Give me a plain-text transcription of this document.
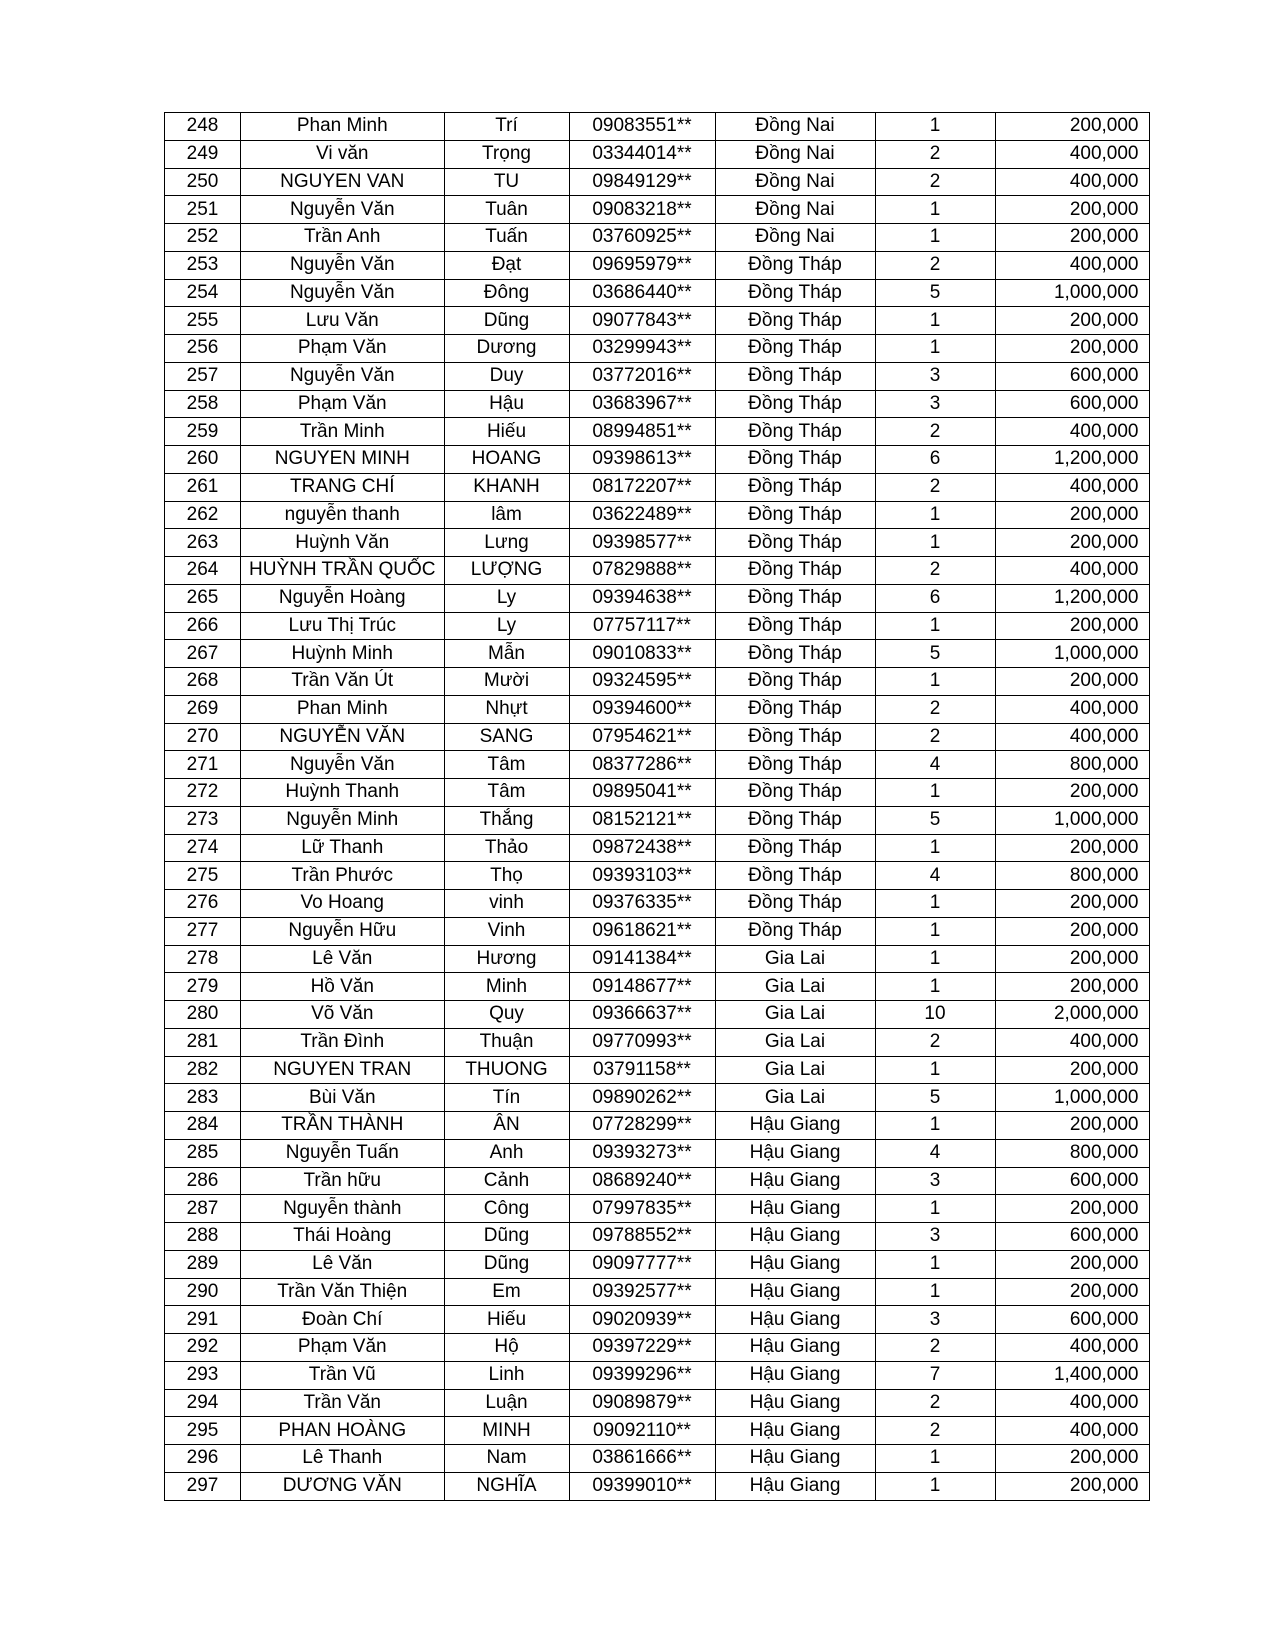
248	Phan Minh	Trí	09083551**	Đồng Nai	1	200,000
249	Vi văn	Trọng	03344014**	Đồng Nai	2	400,000
250	NGUYEN VAN	TU	09849129**	Đồng Nai	2	400,000
251	Nguyễn Văn	Tuân	09083218**	Đồng Nai	1	200,000
252	Trần Anh	Tuấn	03760925**	Đồng Nai	1	200,000
253	Nguyễn Văn	Đạt	09695979**	Đồng Tháp	2	400,000
254	Nguyễn Văn	Đông	03686440**	Đồng Tháp	5	1,000,000
255	Lưu Văn	Dũng	09077843**	Đồng Tháp	1	200,000
256	Phạm Văn	Dương	03299943**	Đồng Tháp	1	200,000
257	Nguyễn Văn	Duy	03772016**	Đồng Tháp	3	600,000
258	Phạm Văn	Hậu	03683967**	Đồng Tháp	3	600,000
259	Trần Minh	Hiếu	08994851**	Đồng Tháp	2	400,000
260	NGUYEN MINH	HOANG	09398613**	Đồng Tháp	6	1,200,000
261	TRANG CHÍ	KHANH	08172207**	Đồng Tháp	2	400,000
262	nguyễn thanh	lâm	03622489**	Đồng Tháp	1	200,000
263	Huỳnh Văn	Lưng	09398577**	Đồng Tháp	1	200,000
264	HUỲNH TRẦN QUỐC	LƯỢNG	07829888**	Đồng Tháp	2	400,000
265	Nguyễn Hoàng	Ly	09394638**	Đồng Tháp	6	1,200,000
266	Lưu Thị Trúc	Ly	07757117**	Đồng Tháp	1	200,000
267	Huỳnh Minh	Mẫn	09010833**	Đồng Tháp	5	1,000,000
268	Trần Văn Út	Mười	09324595**	Đồng Tháp	1	200,000
269	Phan Minh	Nhựt	09394600**	Đồng Tháp	2	400,000
270	NGUYỄN VĂN	SANG	07954621**	Đồng Tháp	2	400,000
271	Nguyễn Văn	Tâm	08377286**	Đồng Tháp	4	800,000
272	Huỳnh Thanh	Tâm	09895041**	Đồng Tháp	1	200,000
273	Nguyễn Minh	Thắng	08152121**	Đồng Tháp	5	1,000,000
274	Lữ Thanh	Thảo	09872438**	Đồng Tháp	1	200,000
275	Trần Phước	Thọ	09393103**	Đồng Tháp	4	800,000
276	Vo Hoang	vinh	09376335**	Đồng Tháp	1	200,000
277	Nguyễn Hữu	Vinh	09618621**	Đồng Tháp	1	200,000
278	Lê Văn	Hương	09141384**	Gia Lai	1	200,000
279	Hồ Văn	Minh	09148677**	Gia Lai	1	200,000
280	Võ Văn	Quy	09366637**	Gia Lai	10	2,000,000
281	Trần Đình	Thuận	09770993**	Gia Lai	2	400,000
282	NGUYEN TRAN	THUONG	03791158**	Gia Lai	1	200,000
283	Bùi Văn	Tín	09890262**	Gia Lai	5	1,000,000
284	TRẦN THÀNH	ÂN	07728299**	Hậu Giang	1	200,000
285	Nguyễn Tuấn	Anh	09393273**	Hậu Giang	4	800,000
286	Trần hữu	Cảnh	08689240**	Hậu Giang	3	600,000
287	Nguyễn thành	Công	07997835**	Hậu Giang	1	200,000
288	Thái Hoàng	Dũng	09788552**	Hậu Giang	3	600,000
289	Lê Văn	Dũng	09097777**	Hậu Giang	1	200,000
290	Trần Văn Thiện	Em	09392577**	Hậu Giang	1	200,000
291	Đoàn Chí	Hiếu	09020939**	Hậu Giang	3	600,000
292	Phạm Văn	Hộ	09397229**	Hậu Giang	2	400,000
293	Trần Vũ	Linh	09399296**	Hậu Giang	7	1,400,000
294	Trần Văn	Luận	09089879**	Hậu Giang	2	400,000
295	PHAN HOÀNG	MINH	09092110**	Hậu Giang	2	400,000
296	Lê Thanh	Nam	03861666**	Hậu Giang	1	200,000
297	DƯƠNG VĂN	NGHĨA	09399010**	Hậu Giang	1	200,000
